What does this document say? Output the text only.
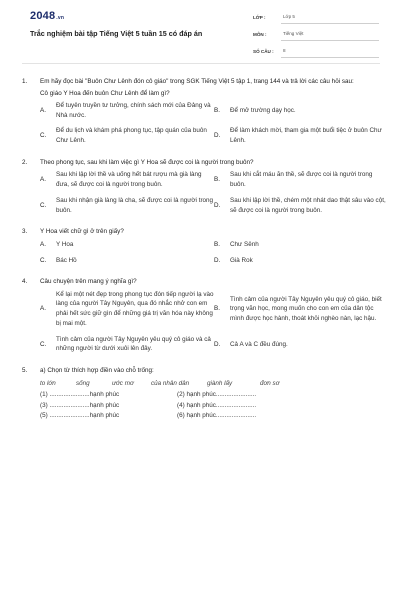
2048.vn
Trắc nghiệm bài tập Tiếng Việt 5 tuần 15 có đáp án
LỚP :	Lớp 5
MÔN :	Tiếng Việt
SỐ CÂU :	8
1. Em hãy đọc bài "Buôn Chư Lênh đón cô giáo" trong SGK Tiếng Việt 5 tập 1, trang 144 và trả lời các câu hỏi sau:
Cô giáo Y Hoa đến buôn Chư Lênh để làm gì?
A.
Để tuyên truyền tư tưởng, chính sách mới của Đảng và Nhà nước.
B.	Để mở trường dạy học.
C.
Để du lịch và khám phá phong tục, tập quán của buôn Chư Lênh.
D.
Để làm khách mời, tham gia một buổi tiệc ở buôn Chư Lênh.
2. Theo phong tục, sau khi làm việc gì Y Hoa sẽ được coi là người trong buôn?
A.
Sau khi lập lời thề và uống hết bát rượu mà già làng đưa, sẽ được coi là người trong buôn.
B.
Sau khi cắt máu ăn thề, sẽ được coi là người trong buôn.
C.
Sau khi nhận già làng là cha, sẽ được coi là người trong buôn.
D.
Sau khi lập lời thề, chém một nhát dao thật sâu vào cột, sẽ được coi là người trong buôn.
3. Y Hoa viết chữ gì ở trên giấy?
A.	Y Hoa	B.	Chư Sênh
C.	Bác Hồ	D.	Già Rok
4. Câu chuyện trên mang ý nghĩa gì?
A.
Kể lại một nét đẹp trong phong tục đón tiếp người lạ vào làng của người Tây Nguyên, qua đó nhắc nhở con em phải hết sức giữ gìn để những giá trị văn hóa này không bị mai một.
B.
Tình cảm của người Tây Nguyên yêu quý cô giáo, biết trọng văn học, mong muốn cho con em của dân tộc mình được học hành, thoát khỏi nghèo nàn, lạc hậu.
C.
Tình cảm của người Tây Nguyên yêu quý cô giáo và cả những người từ dưới xuôi lên đây.
D.	Cả A và C đều đúng.
5. a) Chọn từ thích hợp điền vào chỗ trống:
to lớn	sống	ước mơ	của nhân dân	giành lấy	đơn sơ
(1) .......................hạnh phúc	(2) hạnh phúc.......................
(3) .......................hạnh phúc	(4) hạnh phúc.......................
(5) .......................hạnh phúc	(6) hạnh phúc.......................
